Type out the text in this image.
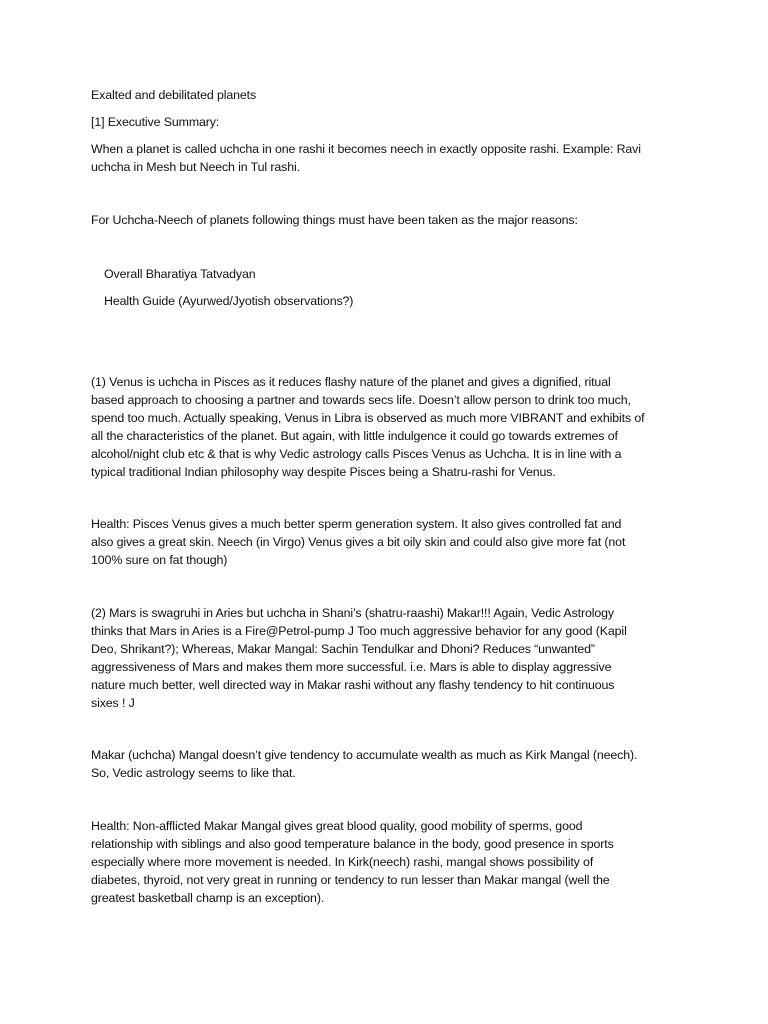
Exalted and debilitated planets

[1] Executive Summary:

When a planet is called uchcha in one rashi it becomes neech in exactly opposite rashi. Example: Ravi

uchcha in Mesh but Neech in Tul rashi.

For Uchcha-Neech of planets following things must have been taken as the major reasons:

Overall Bharatiya Tatvadyan

Health Guide (Ayurwed/Jyotish observations?)

(1) Venus is uchcha in Pisces as it reduces flashy nature of the planet and gives a dignified, ritual

based approach to choosing a partner and towards secs life. Doesn’t allow person to drink too much,

spend too much. Actually speaking, Venus in Libra is observed as much more VIBRANT and exhibits of

all the characteristics of the planet. But again, with little indulgence it could go towards extremes of

alcohol/night club etc & that is why Vedic astrology calls Pisces Venus as Uchcha. It is in line with a

typical traditional Indian philosophy way despite Pisces being a Shatru-rashi for Venus.

Health: Pisces Venus gives a much better sperm generation system. It also gives controlled fat and

also gives a great skin. Neech (in Virgo) Venus gives a bit oily skin and could also give more fat (not

100% sure on fat though)

(2) Mars is swagruhi in Aries but uchcha in Shani’s (shatru-raashi) Makar!!! Again, Vedic Astrology

thinks that Mars in Aries is a Fire@Petrol-pump J Too much aggressive behavior for any good (Kapil

Deo, Shrikant?); Whereas, Makar Mangal: Sachin Tendulkar and Dhoni? Reduces “unwanted”

aggressiveness of Mars and makes them more successful. i.e. Mars is able to display aggressive

nature much better, well directed way in Makar rashi without any flashy tendency to hit continuous

sixes ! J

Makar (uchcha) Mangal doesn’t give tendency to accumulate wealth as much as Kirk Mangal (neech).

So, Vedic astrology seems to like that.

Health: Non-afflicted Makar Mangal gives great blood quality, good mobility of sperms, good

relationship with siblings and also good temperature balance in the body, good presence in sports

especially where more movement is needed. In Kirk(neech) rashi, mangal shows possibility of

diabetes, thyroid, not very great in running or tendency to run lesser than Makar mangal (well the

greatest basketball champ is an exception).
